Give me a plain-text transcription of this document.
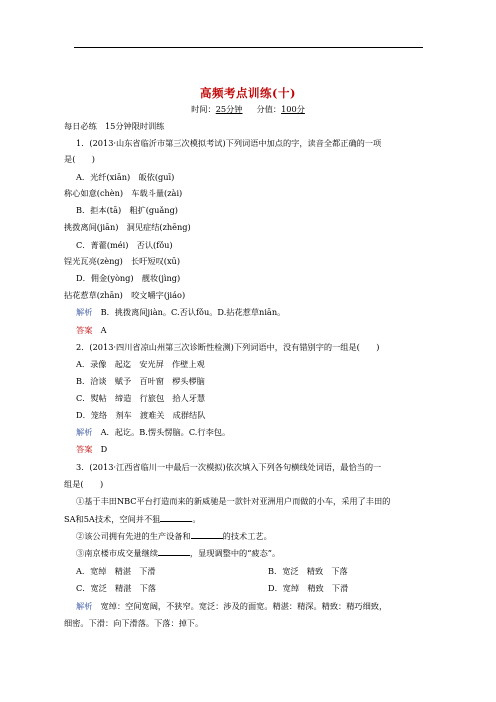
高频考点训练(十)
时间：25分钟 分值：100分
每日必练　15分钟限时训练
1．(2013·山东省临沂市第三次模拟考试)下列词语中加点的字，读音全都正确的一项
是(　　)
A．光纤(xiān)　皈依(guī)
称心如意(chèn)　车载斗量(zài)
B．拒本(tā)　粗扩(guǎng)
挑拨离间(jiān)　洞见症结(zhēng)
C．菁藿(méi)　否认(fǒu)
锃光瓦亮(zèng)　长吁短叹(xū)
D．佣金(yòng)　靓妆(jìng)
拈花惹草(zhān)　咬文嚼字(jiáo)
解析　 B．挑拨离间jiàn。C.否认fǒu。D.拈花惹草niān。
答案　 A
2．(2013·四川省凉山州第三次诊断性检测)下列词语中，没有错别字的一组是(　　)
A．录像　起迄　安光屏　作壁上观
B．洽谈　赋予　百叶窗　椤头椤脑
C．熨帖　缔造　行旅包　拾人牙慧
D．笼络　剂车　渡难关　成群结队
解析　 A．起讫。B.愣头愣脑。C.行李包。
答案　 D
3．(2013·江西省临川一中最后一次模拟)依次填入下列各句横线处词语，最恰当的一
组是(　　)
①基于丰田NBC平台打造而来的新威驰是一款针对亚洲用户而做的小车，采用了丰田的
SA和5A技术，空间并不狙	。
②该公司拥有先进的生产设备和	的技术工艺。
③南京楼市成交量继续	，显现调整中的“疲态”。
A．宽绰　精湛　下滑	B．宽泛　精致　下落
C．宽泛　精湛　下落	D．宽绰　精致　下滑
解析　 宽绰：空间宽阔，不狭窄。宽泛：涉及的面宽。精湛：精深。精致：精巧细致，
细密。下滑：向下滑落。下落：掉下。
